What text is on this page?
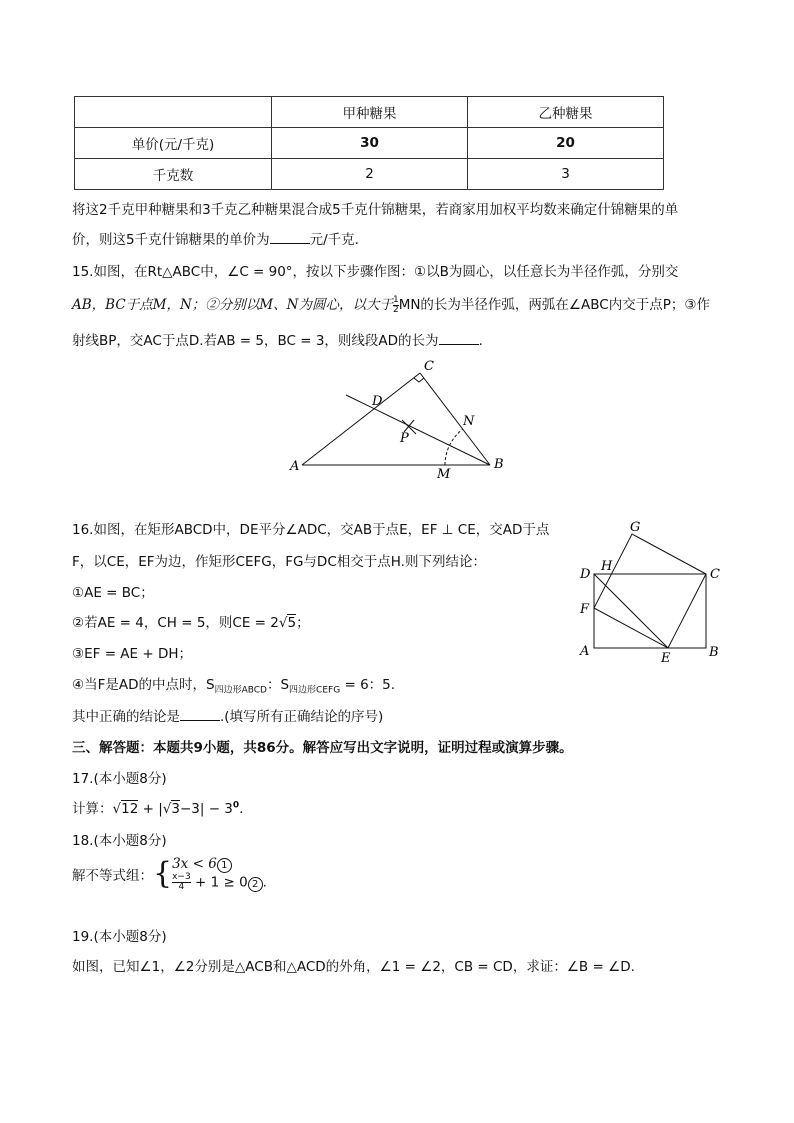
	甲种糖果	乙种糖果
单价(元/千克)	30	20
千克数	2	3
将这2千克甲种糖果和3千克乙种糖果混合成5千克什锦糖果，若商家用加权平均数来确定什锦糖果的单
价，则这5千克什锦糖果的单价为	元/千克．
15.如图，在Rt△ABC中，∠C = 90°，按以下步骤作图：①以B为圆心，以任意长为半径作弧，分别交
AB，BC于点M，N；②分别以M、N为圆心，以大于 $\frac{1}{2}$ MN的长为半径作弧，两弧在∠ABC内交于点P；③作
射线BP，交AC于点D.若AB = 5，BC = 3，则线段AD的长为	．
A	B
C
D
N
P
M
16.如图，在矩形ABCD中，DE平分∠ADC，交AB于点E，EF ⊥ CE，交AD于点
F，以CE，EF为边，作矩形CEFG，FG与DC相交于点H.则下列结论：
①AE = BC；
②若AE = 4，CH = 5，则CE = 2√5；
③EF = AE + DH；
④当F是AD的中点时，$S_{四边形ABCD}$：$S_{四边形CEFG} = 6$：5.
其中正确的结论是	.(填写所有正确结论的序号)
D	C
A	B
E
F
G
H
三、解答题：本题共9小题，共86分。解答应写出文字说明，证明过程或演算步骤。
17.(本小题8分)
计算：$√12 + |√3-3| - 3^0$.
18.(本小题8分)
解不等式组：{ 3x < 6 1
$\frac{x-3}{4} + 1 \ge 0$ 2 .
19.(本小题8分)
如图，已知∠1，∠2分别是△ACB和△ACD的外角，∠1 = ∠2，CB = CD，求证：∠B = ∠D.
